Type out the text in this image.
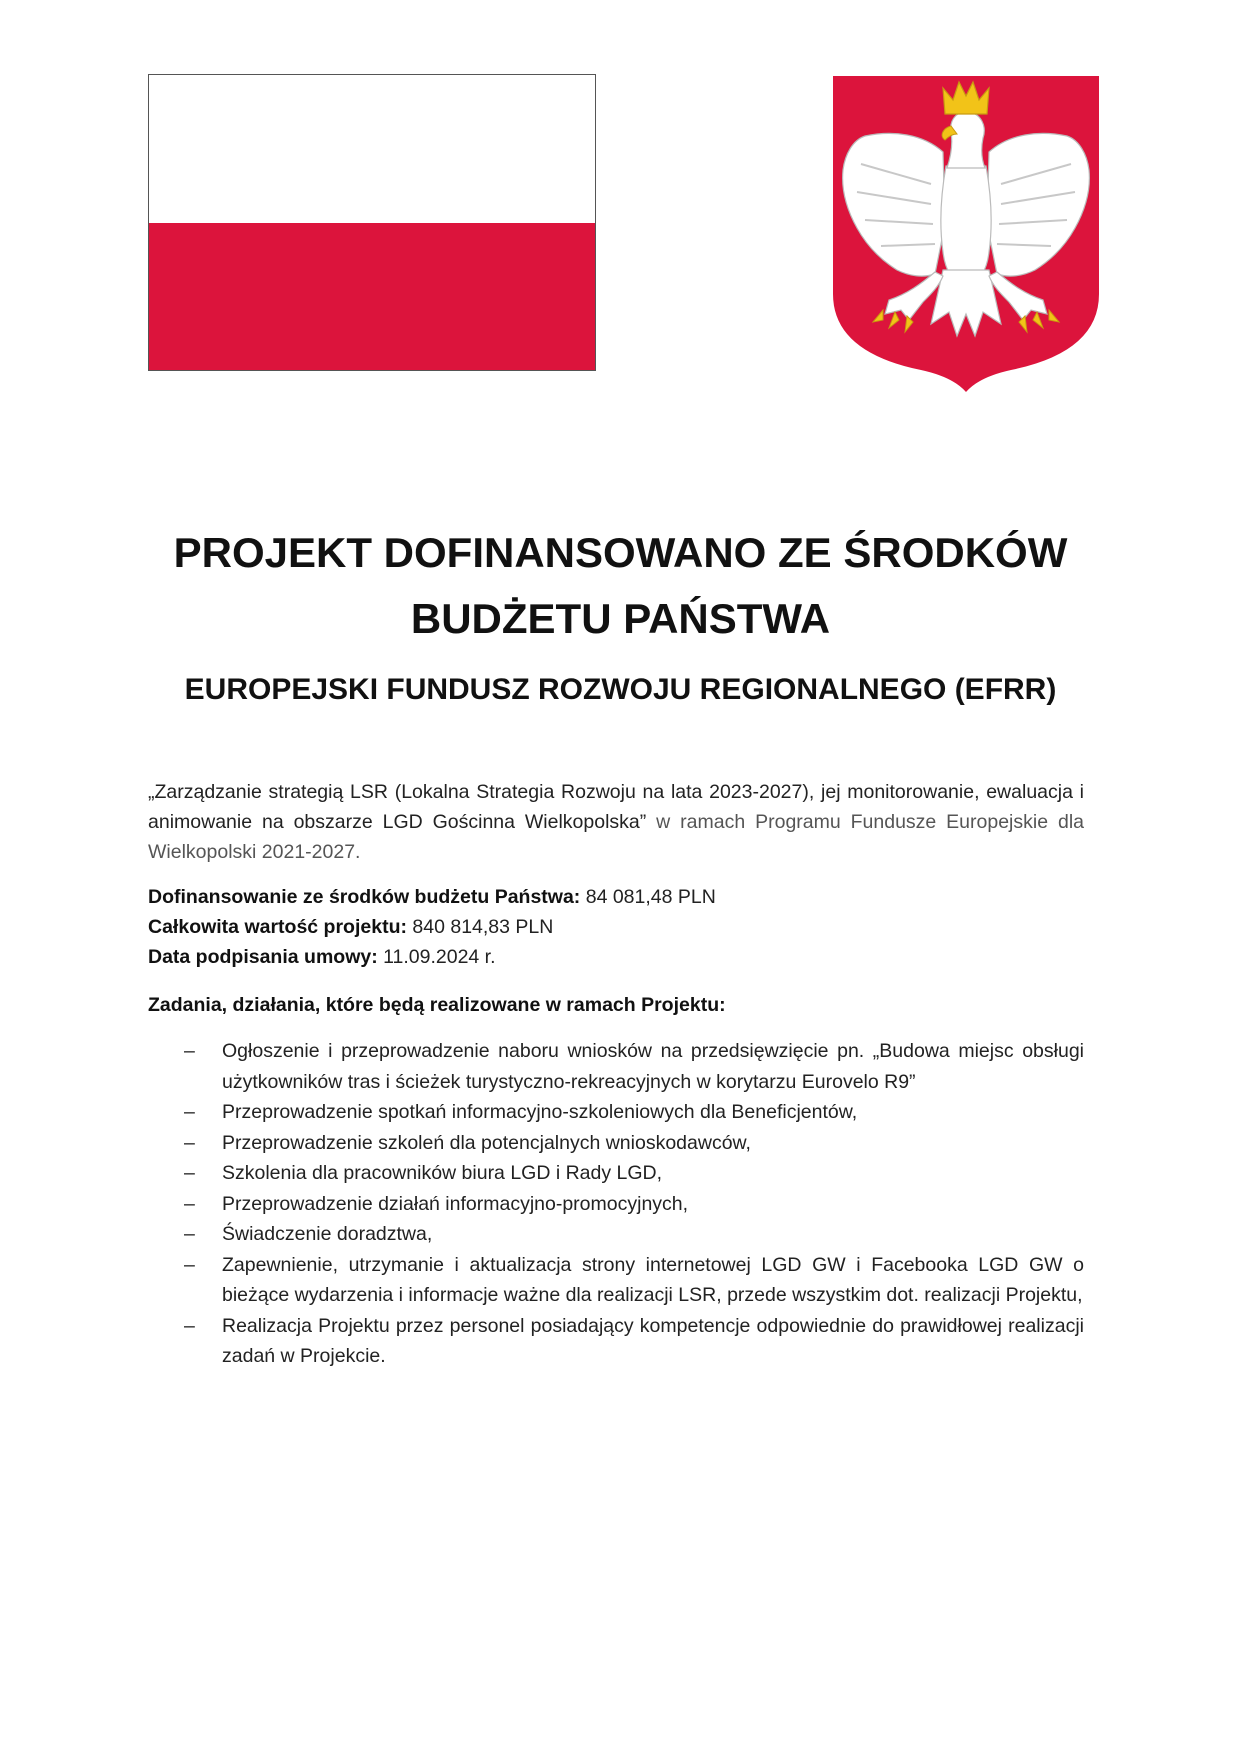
PROJEKT DOFINANSOWANO ZE ŚRODKÓW
BUDŻETU PAŃSTWA
EUROPEJSKI FUNDUSZ ROZWOJU REGIONALNEGO (EFRR)

„Zarządzanie strategią LSR (Lokalna Strategia Rozwoju na lata 2023-2027), jej monitorowanie, ewaluacja i animowanie na obszarze LGD Gościnna Wielkopolska” w ramach Programu Fundusze Europejskie dla Wielkopolski 2021-2027.

Dofinansowanie ze środków budżetu Państwa: 84 081,48 PLN
Całkowita wartość projektu: 840 814,83 PLN
Data podpisania umowy: 11.09.2024 r.
Zadania, działania, które będą realizowane w ramach Projektu:
– Ogłoszenie i przeprowadzenie naboru wniosków na przedsięwzięcie pn. „Budowa miejsc obsługi użytkowników tras i ścieżek turystyczno-rekreacyjnych w korytarzu Eurovelo R9”
– Przeprowadzenie spotkań informacyjno-szkoleniowych dla Beneficjentów,
– Przeprowadzenie szkoleń dla potencjalnych wnioskodawców,
– Szkolenia dla pracowników biura LGD i Rady LGD,
– Przeprowadzenie działań informacyjno-promocyjnych,
– Świadczenie doradztwa,
– Zapewnienie, utrzymanie i aktualizacja strony internetowej LGD GW i Facebooka LGD GW o bieżące wydarzenia i informacje ważne dla realizacji LSR, przede wszystkim dot. realizacji Projektu,
– Realizacja Projektu przez personel posiadający kompetencje odpowiednie do prawidłowej realizacji zadań w Projekcie.
